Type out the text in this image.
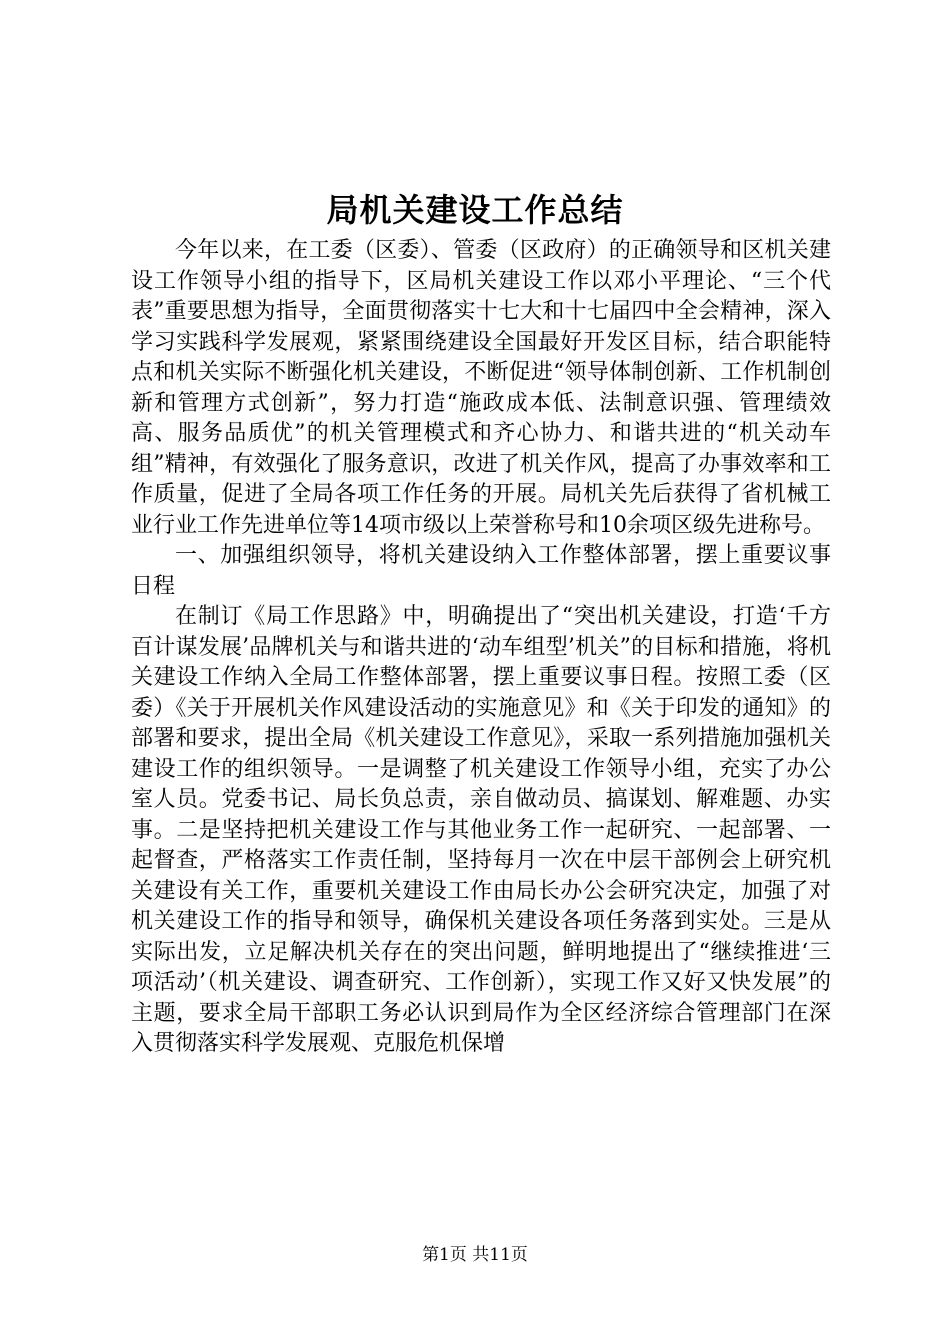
局机关建设工作总结

今年以来，在工委（区委）、管委（区政府）的正确领导和区机关建设工作领导小组的指导下，区局机关建设工作以邓小平理论、“三个代表”重要思想为指导，全面贯彻落实十七大和十七届四中全会精神，深入学习实践科学发展观，紧紧围绕建设全国最好开发区目标，结合职能特点和机关实际不断强化机关建设，不断促进“领导体制创新、工作机制创新和管理方式创新”，努力打造“施政成本低、法制意识强、管理绩效高、服务品质优”的机关管理模式和齐心协力、和谐共进的“机关动车组”精神，有效强化了服务意识，改进了机关作风，提高了办事效率和工作质量，促进了全局各项工作任务的开展。局机关先后获得了省机械工业行业工作先进单位等14项市级以上荣誉称号和10余项区级先进称号。

一、加强组织领导，将机关建设纳入工作整体部署，摆上重要议事日程

在制订《局工作思路》中，明确提出了“突出机关建设，打造‘千方百计谋发展’品牌机关与和谐共进的‘动车组型’机关”的目标和措施，将机关建设工作纳入全局工作整体部署，摆上重要议事日程。按照工委（区委）《关于开展机关作风建设活动的实施意见》和《关于印发的通知》的部署和要求，提出全局《机关建设工作意见》，采取一系列措施加强机关建设工作的组织领导。一是调整了机关建设工作领导小组，充实了办公室人员。党委书记、局长负总责，亲自做动员、搞谋划、解难题、办实事。二是坚持把机关建设工作与其他业务工作一起研究、一起部署、一起督查，严格落实工作责任制，坚持每月一次在中层干部例会上研究机关建设有关工作，重要机关建设工作由局长办公会研究决定，加强了对机关建设工作的指导和领导，确保机关建设各项任务落到实处。三是从实际出发，立足解决机关存在的突出问题，鲜明地提出了“继续推进‘三项活动’（机关建设、调查研究、工作创新），实现工作又好又快发展”的主题，要求全局干部职工务必认识到局作为全区经济综合管理部门在深入贯彻落实科学发展观、克服危机保增

第1页 共11页
